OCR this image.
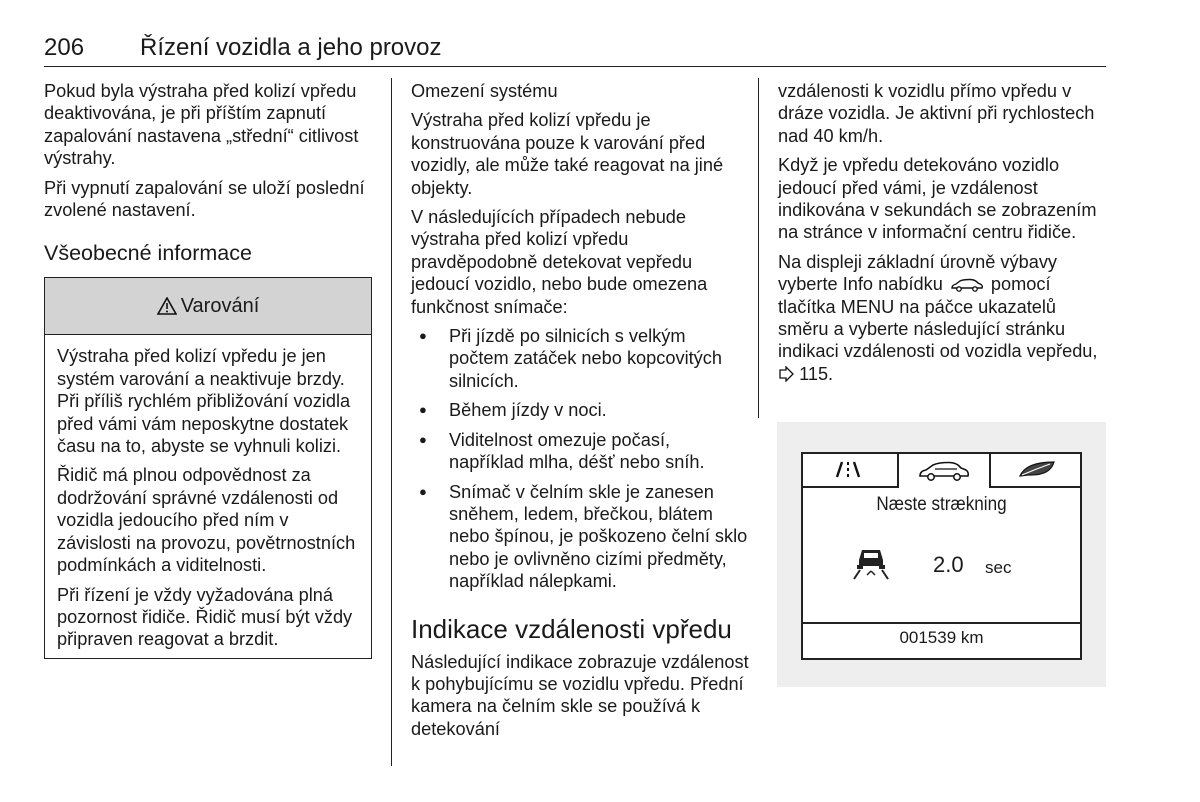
206 Řízení vozidla a jeho provoz

Pokud byla výstraha před kolizí vpředu deaktivována, je při příštím zapnutí zapalování nastavena „střední“ citlivost výstrahy.

Při vypnutí zapalování se uloží poslední zvolené nastavení.

Všeobecné informace
Varování

Výstraha před kolizí vpředu je jen systém varování a neaktivuje brzdy. Při příliš rychlém přibližování vozidla před vámi vám neposkytne dostatek času na to, abyste se vyhnuli kolizi.

Řidič má plnou odpovědnost za dodržování správné vzdálenosti od vozidla jedoucího před ním v závislosti na provozu, povětrnostních podmínkách a viditelnosti.

Při řízení je vždy vyžadována plná pozornost řidiče. Řidič musí být vždy připraven reagovat a brzdit.

Omezení systému

Výstraha před kolizí vpředu je konstruována pouze k varování před vozidly, ale může také reagovat na jiné objekty.

V následujících případech nebude výstraha před kolizí vpředu pravděpodobně detekovat vepředu jedoucí vozidlo, nebo bude omezena funkčnost snímače:

● Při jízdě po silnicích s velkým počtem zatáček nebo kopcovitých silnicích.
● Během jízdy v noci.
● Viditelnost omezuje počasí, například mlha, déšť nebo sníh.
● Snímač v čelním skle je zanesen sněhem, ledem, břečkou, blátem nebo špínou, je poškozeno čelní sklo nebo je ovlivněno cizími předměty, například nálepkami.
Indikace vzdálenosti vpředu

Následující indikace zobrazuje vzdálenost k pohybujícímu se vozidlu vpředu. Přední kamera na čelním skle se používá k detekování

vzdálenosti k vozidlu přímo vpředu v dráze vozidla. Je aktivní při rychlostech nad 40 km/h.

Když je vpředu detekováno vozidlo jedoucí před vámi, je vzdálenost indikována v sekundách se zobrazením na stránce v informační centru řidiče.

Na displeji základní úrovně výbavy vyberte Info nabídku  pomocí tlačítka MENU na páčce ukazatelů směru a vyberte následující stránku indikaci vzdálenosti od vozidla vepředu,  115.

Næste strækning
2.0 sec
001539 km
